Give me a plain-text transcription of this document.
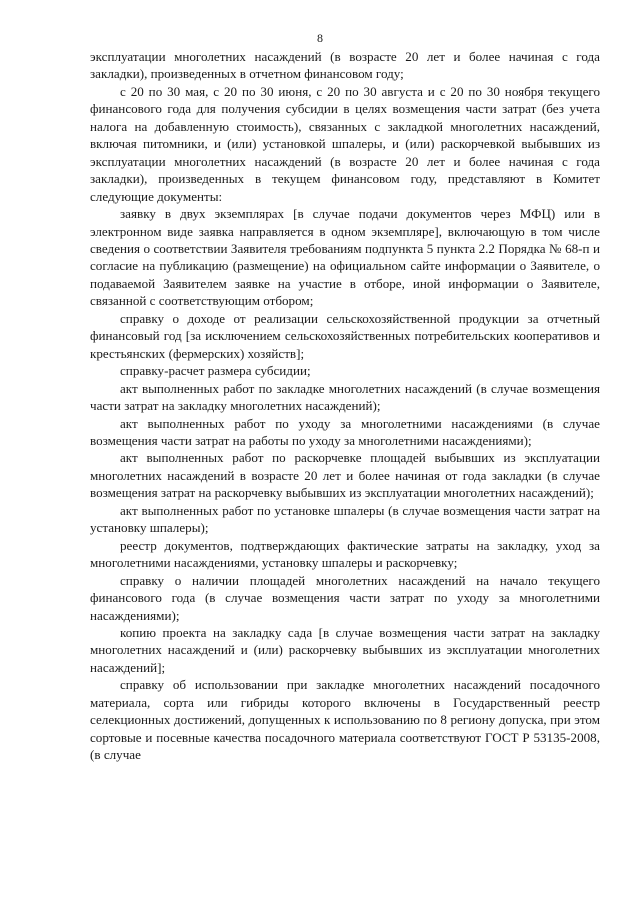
8

эксплуатации многолетних насаждений (в возрасте 20 лет и более начиная с года закладки), произведенных в отчетном финансовом году;

с 20 по 30 мая, с 20 по 30 июня, с 20 по 30 августа и с 20 по 30 ноября текущего финансового года для получения субсидии в целях возмещения части затрат (без учета налога на добавленную стоимость), связанных с закладкой многолетних насаждений, включая питомники, и (или) установкой шпалеры, и (или) раскорчевкой выбывших из эксплуатации многолетних насаждений (в возрасте 20 лет и более начиная с года закладки), произведенных в текущем финансовом году, представляют в Комитет следующие документы:

заявку в двух экземплярах [в случае подачи документов через МФЦ) или в электронном виде заявка направляется в одном экземпляре], включающую в том числе сведения о соответствии Заявителя требованиям подпункта 5 пункта 2.2 Порядка № 68-п и согласие на публикацию (размещение) на официальном сайте информации о Заявителе, о подаваемой Заявителем заявке на участие в отборе, иной информации о Заявителе, связанной с соответствующим отбором;

справку о доходе от реализации сельскохозяйственной продукции за отчетный финансовый год [за исключением сельскохозяйственных потребительских кооперативов и крестьянских (фермерских) хозяйств];

справку-расчет размера субсидии;

акт выполненных работ по закладке многолетних насаждений (в случае возмещения части затрат на закладку многолетних насаждений);

акт выполненных работ по уходу за многолетними насаждениями (в случае возмещения части затрат на работы по уходу за многолетними насаждениями);

акт выполненных работ по раскорчевке площадей выбывших из эксплуатации многолетних насаждений в возрасте 20 лет и более начиная от года закладки (в случае возмещения затрат на раскорчевку выбывших из эксплуатации многолетних насаждений);

акт выполненных работ по установке шпалеры (в случае возмещения части затрат на установку шпалеры);

реестр документов, подтверждающих фактические затраты на закладку, уход за многолетними насаждениями, установку шпалеры и раскорчевку;

справку о наличии площадей многолетних насаждений на начало текущего финансового года (в случае возмещения части затрат по уходу за многолетними насаждениями);

копию проекта на закладку сада [в случае возмещения части затрат на закладку многолетних насаждений и (или) раскорчевку выбывших из эксплуатации многолетних насаждений];

справку об использовании при закладке многолетних насаждений посадочного материала, сорта или гибриды которого включены в Государственный реестр селекционных достижений, допущенных к использованию по 8 региону допуска, при этом сортовые и посевные качества посадочного материала соответствуют ГОСТ Р 53135-2008, (в случае
